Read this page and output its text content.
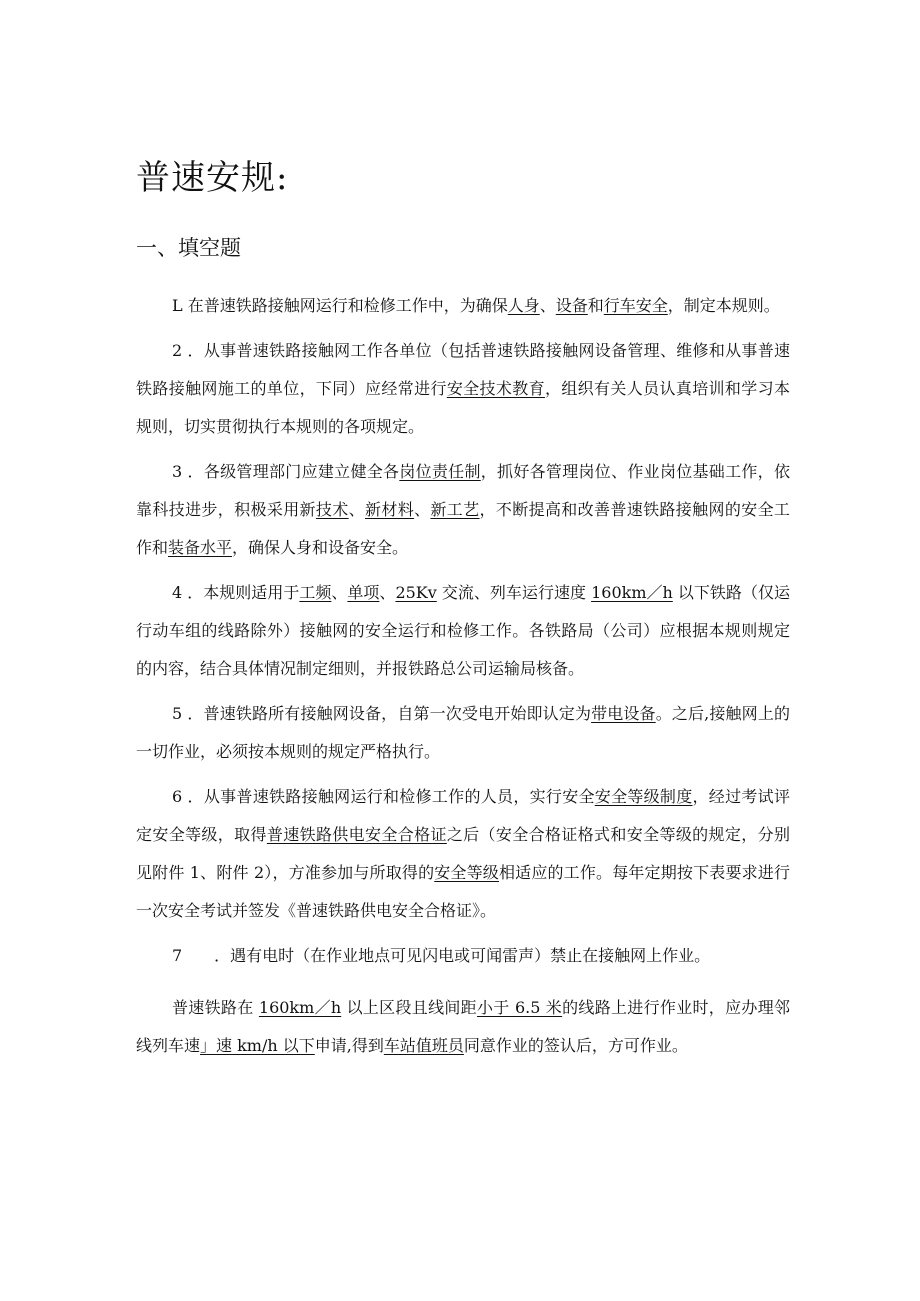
普速安规:
一、填空题

L 在普速铁路接触网运行和检修工作中，为确保人身、设备和行车安全，制定本规则。

2 ．从事普速铁路接触网工作各单位（包括普速铁路接触网设备管理、维修和从事普速铁路接触网施工的单位，下同）应经常进行安全技术教育，组织有关人员认真培训和学习本规则，切实贯彻执行本规则的各项规定。

3 ．各级管理部门应建立健全各岗位责任制，抓好各管理岗位、作业岗位基础工作，依靠科技进步，积极采用新技术、新材料、新工艺，不断提高和改善普速铁路接触网的安全工作和装备水平，确保人身和设备安全。

4 ．本规则适用于工频、单项、25Kv 交流、列车运行速度 160km／h 以下铁路（仅运行动车组的线路除外）接触网的安全运行和检修工作。各铁路局（公司）应根据本规则规定的内容，结合具体情况制定细则，并报铁路总公司运输局核备。

5 ．普速铁路所有接触网设备，自第一次受电开始即认定为带电设备。之后,接触网上的一切作业，必须按本规则的规定严格执行。

6 ．从事普速铁路接触网运行和检修工作的人员，实行安全安全等级制度，经过考试评定安全等级，取得普速铁路供电安全合格证之后（安全合格证格式和安全等级的规定，分别见附件 1、附件 2），方准参加与所取得的安全等级相适应的工作。每年定期按下表要求进行一次安全考试并签发《普速铁路供电安全合格证》。

7　　．遇有电时（在作业地点可见闪电或可闻雷声）禁止在接触网上作业。

普速铁路在 160km／h 以上区段且线间距小于 6.5 米的线路上进行作业时，应办理邻线列车速」速 km/h 以下申请,得到车站值班员同意作业的签认后，方可作业。
